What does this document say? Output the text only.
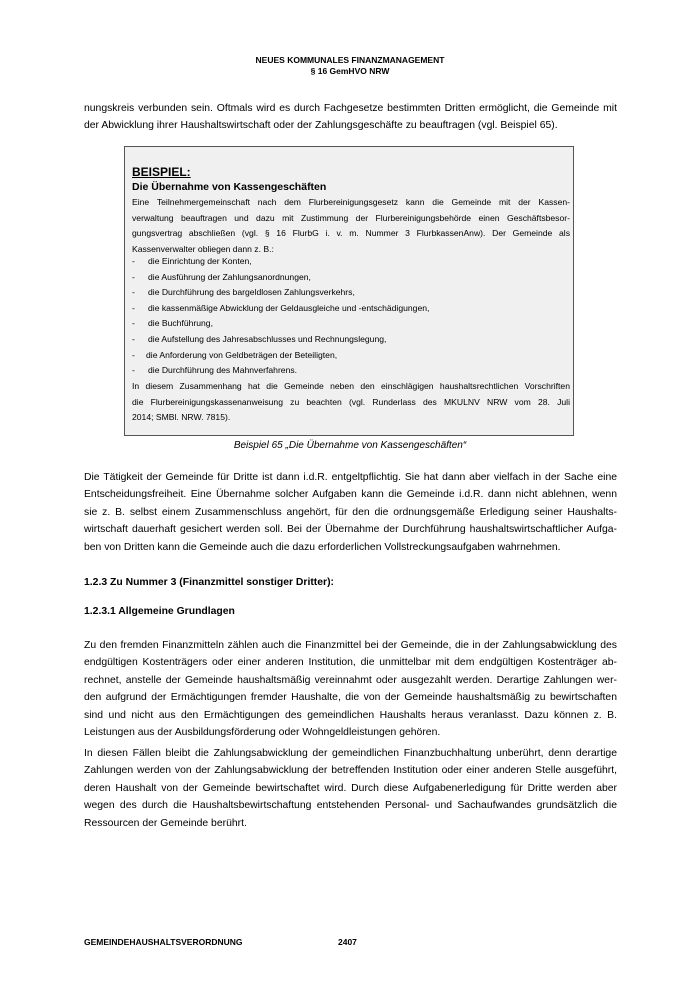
NEUES KOMMUNALES FINANZMANAGEMENT
§ 16 GemHVO NRW
nungskreis verbunden sein. Oftmals wird es durch Fachgesetze bestimmten Dritten ermöglicht, die Gemeinde mit
der Abwicklung ihrer Haushaltswirtschaft oder der Zahlungsgeschäfte zu beauftragen (vgl. Beispiel 65).
BEISPIEL:
Die Übernahme von Kassengeschäften
Eine Teilnehmergemeinschaft nach dem Flurbereinigungsgesetz kann die Gemeinde mit der Kassen-
verwaltung beauftragen und dazu mit Zustimmung der Flurbereinigungsbehörde einen Geschäftsbesor-
gungsvertrag abschließen (vgl. § 16 FlurbG i. v. m. Nummer 3 FlurbkassenAnw). Der Gemeinde als
Kassenverwalter obliegen dann z. B.:
- die Einrichtung der Konten,
- die Ausführung der Zahlungsanordnungen,
- die Durchführung des bargeldlosen Zahlungsverkehrs,
- die kassenmäßige Abwicklung der Geldausgleiche und -entschädigungen,
- die Buchführung,
- die Aufstellung des Jahresabschlusses und Rechnungslegung,
- die Anforderung von Geldbeträgen der Beteiligten,
- die Durchführung des Mahnverfahrens.
In diesem Zusammenhang hat die Gemeinde neben den einschlägigen haushaltsrechtlichen Vorschriften
die Flurbereinigungskassenanweisung zu beachten (vgl. Runderlass des MKULNV NRW vom 28. Juli
2014; SMBl. NRW. 7815).
Beispiel 65 „Die Übernahme von Kassengeschäften“
Die Tätigkeit der Gemeinde für Dritte ist dann i.d.R. entgeltpflichtig. Sie hat dann aber vielfach in der Sache eine
Entscheidungsfreiheit. Eine Übernahme solcher Aufgaben kann die Gemeinde i.d.R. dann nicht ablehnen, wenn
sie z. B. selbst einem Zusammenschluss angehört, für den die ordnungsgemäße Erledigung seiner Haushalts-
wirtschaft dauerhaft gesichert werden soll. Bei der Übernahme der Durchführung haushaltswirtschaftlicher Aufga-
ben von Dritten kann die Gemeinde auch die dazu erforderlichen Vollstreckungsaufgaben wahrnehmen.
1.2.3 Zu Nummer 3 (Finanzmittel sonstiger Dritter):
1.2.3.1 Allgemeine Grundlagen
Zu den fremden Finanzmitteln zählen auch die Finanzmittel bei der Gemeinde, die in der Zahlungsabwicklung des
endgültigen Kostenträgers oder einer anderen Institution, die unmittelbar mit dem endgültigen Kostenträger ab-
rechnet, anstelle der Gemeinde haushaltsmäßig vereinnahmt oder ausgezahlt werden. Derartige Zahlungen wer-
den aufgrund der Ermächtigungen fremder Haushalte, die von der Gemeinde haushaltsmäßig zu bewirtschaften
sind und nicht aus den Ermächtigungen des gemeindlichen Haushalts heraus veranlasst. Dazu können z. B.
Leistungen aus der Ausbildungsförderung oder Wohngeldleistungen gehören.
In diesen Fällen bleibt die Zahlungsabwicklung der gemeindlichen Finanzbuchhaltung unberührt, denn derartige
Zahlungen werden von der Zahlungsabwicklung der betreffenden Institution oder einer anderen Stelle ausgeführt,
deren Haushalt von der Gemeinde bewirtschaftet wird. Durch diese Aufgabenerledigung für Dritte werden aber
wegen des durch die Haushaltsbewirtschaftung entstehenden Personal- und Sachaufwandes grundsätzlich die
Ressourcen der Gemeinde berührt.
GEMEINDEHAUSHALTSVERORDNUNG	2407
